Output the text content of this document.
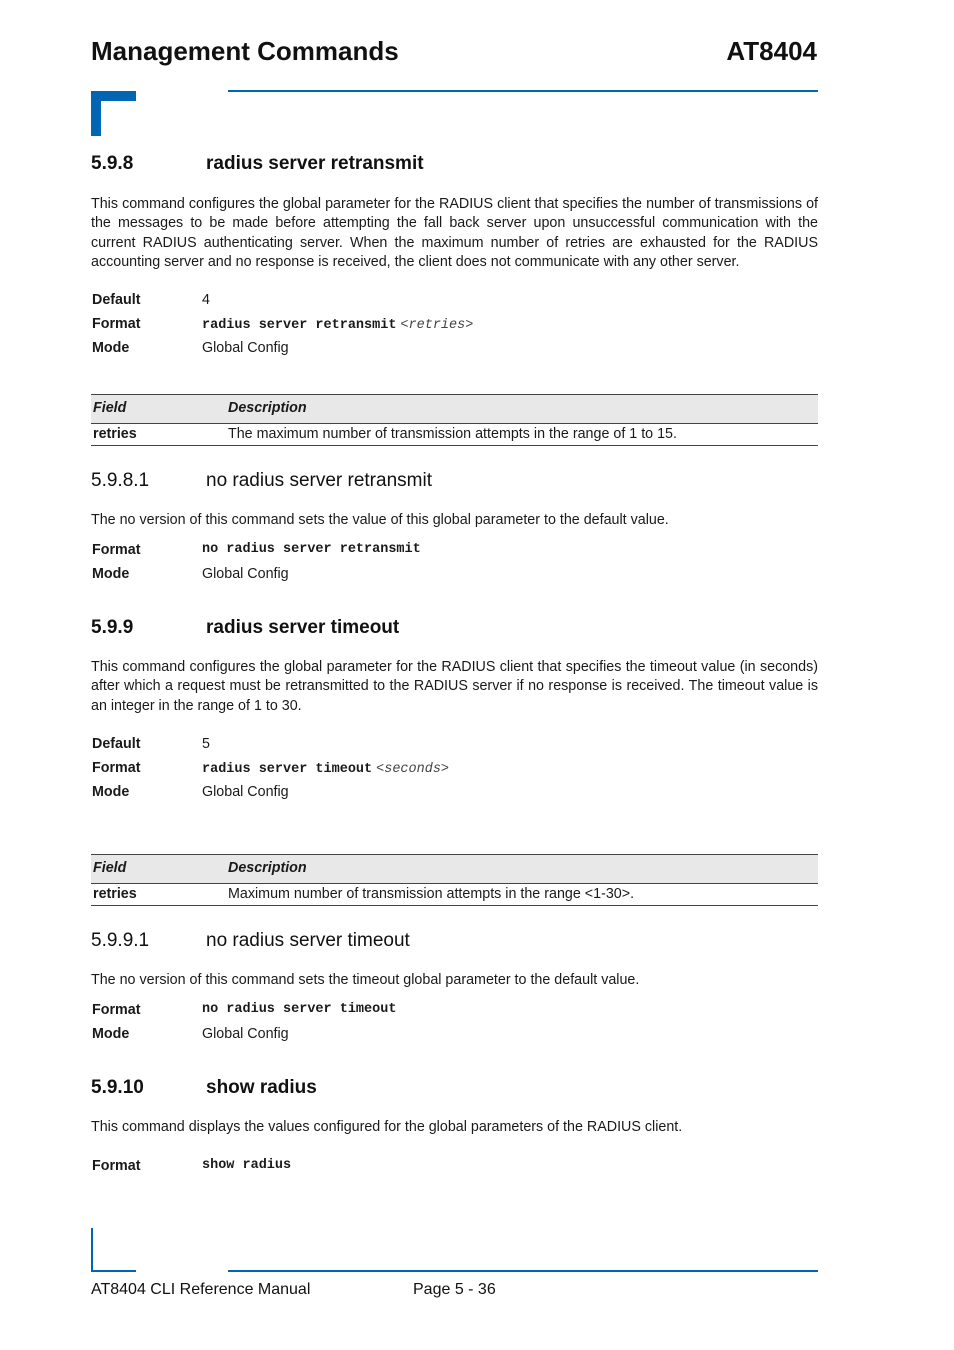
Management Commands	AT8404
5.9.8	radius server retransmit
This command configures the global parameter for the RADIUS client that specifies the number of transmissions of the messages to be made before attempting the fall back server upon unsuccessful communication with the current RADIUS authenticating server. When the maximum number of retries are exhausted for the RADIUS accounting server and no response is received, the client does not communicate with any other server.
Default	4
Format	radius server retransmit <retries>
Mode	Global Config
Field	Description
retries	The maximum number of transmission attempts in the range of 1 to 15.
5.9.8.1	no radius server retransmit
The no version of this command sets the value of this global parameter to the default value.
Format	no radius server retransmit
Mode	Global Config
5.9.9	radius server timeout
This command configures the global parameter for the RADIUS client that specifies the timeout value (in seconds) after which a request must be retransmitted to the RADIUS server if no response is received. The timeout value is an integer in the range of 1 to 30.
Default	5
Format	radius server timeout <seconds>
Mode	Global Config
Field	Description
retries	Maximum number of transmission attempts in the range <1-30>.
5.9.9.1	no radius server timeout
The no version of this command sets the timeout global parameter to the default value.
Format	no radius server timeout
Mode	Global Config
5.9.10	show radius
This command displays the values configured for the global parameters of the RADIUS client.
Format	show radius
AT8404 CLI Reference Manual	Page 5 - 36
